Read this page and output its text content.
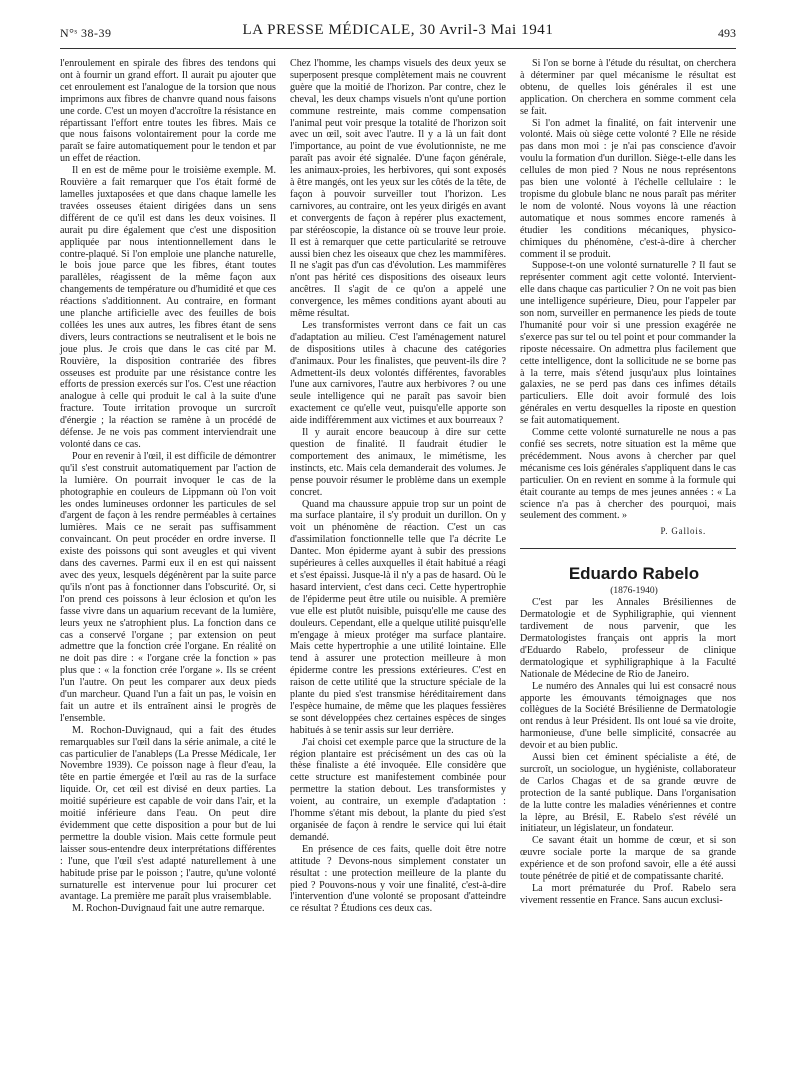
N°ˢ 38-39	LA PRESSE MÉDICALE, 30 Avril-3 Mai 1941	493

l'enroulement en spirale des fibres des tendons qui ont à fournir un grand effort. Il aurait pu ajouter que cet enroulement est l'analogue de la torsion que nous imprimons aux fibres de chanvre quand nous faisons une corde. C'est un moyen d'accroître la résistance en répartissant l'effort entre toutes les fibres. Mais ce que nous faisons volontairement pour la corde me paraît se faire automatiquement pour le tendon et par un effet de réaction.

Il en est de même pour le troisième exemple. M. Rouvière a fait remarquer que l'os était formé de lamelles juxtaposées et que dans chaque lamelle les travées osseuses étaient dirigées dans un sens différent de ce qu'il est dans les deux voisines. Il aurait pu dire également que c'est une disposition appliquée par nous intentionnellement dans le contre-plaqué. Si l'on emploie une planche naturelle, le bois joue parce que les fibres, étant toutes parallèles, réagissent de la même façon aux changements de température ou d'humidité et que ces réactions s'additionnent. Au contraire, en formant une planche artificielle avec des feuilles de bois collées les unes aux autres, les fibres étant de sens divers, leurs contractions se neutralisent et le bois ne joue plus. Je crois que dans le cas cité par M. Rouvière, la disposition contrariée des fibres osseuses est produite par une résistance contre les efforts de pression exercés sur l'os. C'est une réaction analogue à celle qui produit le cal à la suite d'une fracture. Toute irritation provoque un surcroît d'énergie ; la réaction se ramène à un procédé de défense. Je ne vois pas comment interviendrait une volonté dans ce cas.

Pour en revenir à l'œil, il est difficile de démontrer qu'il s'est construit automatiquement par l'action de la lumière. On pourrait invoquer le cas de la photographie en couleurs de Lippmann où l'on voit les ondes lumineuses ordonner les particules de sel d'argent de façon à les rendre perméables à certaines lumières. Mais ce ne serait pas suffisamment convaincant. On peut procéder en ordre inverse. Il existe des poissons qui sont aveugles et qui vivent dans des cavernes. Parmi eux il en est qui naissent avec des yeux, lesquels dégénèrent par la suite parce qu'ils n'ont pas à fonctionner dans l'obscurité. Or, si l'on prend ces poissons à leur éclosion et qu'on les fasse vivre dans un aquarium recevant de la lumière, leurs yeux ne s'atrophient plus. La fonction dans ce cas a conservé l'organe ; par extension on peut admettre que la fonction crée l'organe. En réalité on ne doit pas dire : « l'organe crée la fonction » pas plus que : « la fonction crée l'organe ». Ils se créent l'un l'autre. On peut les comparer aux deux pieds d'un marcheur. Quand l'un a fait un pas, le voisin en fait un autre et ils entraînent ainsi le progrès de l'ensemble.

M. Rochon-Duvignaud, qui a fait des études remarquables sur l'œil dans la série animale, a cité le cas particulier de l'anableps (La Presse Médicale, 1er Novembre 1939). Ce poisson nage à fleur d'eau, la tête en partie émergée et l'œil au ras de la surface liquide. Or, cet œil est divisé en deux parties. La moitié supérieure est capable de voir dans l'air, et la moitié inférieure dans l'eau. On peut dire évidemment que cette disposition a pour but de lui permettre la double vision. Mais cette formule peut laisser sous-entendre deux interprétations différentes : l'une, que l'œil s'est adapté naturellement à une habitude prise par le poisson ; l'autre, qu'une volonté surnaturelle est intervenue pour lui procurer cet avantage. La première me paraît plus vraisemblable.

M. Rochon-Duvignaud fait une autre remarque.

Chez l'homme, les champs visuels des deux yeux se superposent presque complètement mais ne couvrent guère que la moitié de l'horizon. Par contre, chez le cheval, les deux champs visuels n'ont qu'une portion commune restreinte, mais comme compensation l'animal peut voir presque la totalité de l'horizon soit avec un œil, soit avec l'autre. Il y a là un fait dont l'importance, au point de vue évolutionniste, ne me paraît pas avoir été signalée. D'une façon générale, les animaux-proies, les herbivores, qui sont exposés à être mangés, ont les yeux sur les côtés de la tête, de façon à pouvoir surveiller tout l'horizon. Les carnivores, au contraire, ont les yeux dirigés en avant et convergents de façon à repérer plus exactement, par stéréoscopie, la distance où se trouve leur proie. Il est à remarquer que cette particularité se retrouve aussi bien chez les oiseaux que chez les mammifères. Il ne s'agit pas d'un cas d'évolution. Les mammifères n'ont pas hérité ces dispositions des oiseaux leurs ancêtres. Il s'agit de ce qu'on a appelé une convergence, les mêmes conditions ayant abouti au même résultat.

Les transformistes verront dans ce fait un cas d'adaptation au milieu. C'est l'aménagement naturel de dispositions utiles à chacune des catégories d'animaux. Pour les finalistes, que peuvent-ils dire ? Admettent-ils deux volontés différentes, favorables l'une aux carnivores, l'autre aux herbivores ? ou une seule intelligence qui ne paraît pas savoir bien exactement ce qu'elle veut, puisqu'elle apporte son aide indifféremment aux victimes et aux bourreaux ?

Il y aurait encore beaucoup à dire sur cette question de finalité. Il faudrait étudier le comportement des animaux, le mimétisme, les instincts, etc. Mais cela demanderait des volumes. Je pense pouvoir résumer le problème dans un exemple concret.

Quand ma chaussure appuie trop sur un point de ma surface plantaire, il s'y produit un durillon. On y voit un phénomène de réaction. C'est un cas d'assimilation fonctionnelle telle que l'a décrite Le Dantec. Mon épiderme ayant à subir des pressions supérieures à celles auxquelles il était habitué a réagi et s'est épaissi. Jusque-là il n'y a pas de hasard. Où le hasard intervient, c'est dans ceci. Cette hypertrophie de l'épiderme peut être utile ou nuisible. A première vue elle est plutôt nuisible, puisqu'elle me cause des douleurs. Cependant, elle a quelque utilité puisqu'elle m'engage à mieux protéger ma surface plantaire. Mais cette hypertrophie a une utilité lointaine. Elle tend à assurer une protection meilleure à mon épiderme contre les pressions extérieures. C'est en raison de cette utilité que la structure spéciale de la plante du pied s'est transmise héréditairement dans l'espèce humaine, de même que les plaques fessières se sont développées chez certaines espèces de singes habitués à se tenir assis sur leur derrière.

J'ai choisi cet exemple parce que la structure de la région plantaire est précisément un des cas où la thèse finaliste a été invoquée. Elle considère que cette structure est manifestement combinée pour permettre la station debout. Les transformistes y voient, au contraire, un exemple d'adaptation : l'homme s'étant mis debout, la plante du pied s'est organisée de façon à rendre le service qui lui était demandé.

En présence de ces faits, quelle doit être notre attitude ? Devons-nous simplement constater un résultat : une protection meilleure de la plante du pied ? Pouvons-nous y voir une finalité, c'est-à-dire l'intervention d'une volonté se proposant d'atteindre ce résultat ? Étudions ces deux cas.

Si l'on se borne à l'étude du résultat, on cherchera à déterminer par quel mécanisme le résultat est obtenu, de quelles lois générales il est une application. On cherchera en somme comment cela se fait.

Si l'on admet la finalité, on fait intervenir une volonté. Mais où siège cette volonté ? Elle ne réside pas dans mon moi : je n'ai pas conscience d'avoir voulu la formation d'un durillon. Siège-t-elle dans les cellules de mon pied ? Nous ne nous représentons pas bien une volonté à l'échelle cellulaire : le tropisme du globule blanc ne nous paraît pas mériter le nom de volonté. Nous voyons là une réaction automatique et nous sommes encore ramenés à étudier les conditions mécaniques, physico-chimiques du phénomène, c'est-à-dire à chercher comment il se produit.

Suppose-t-on une volonté surnaturelle ? Il faut se représenter comment agit cette volonté. Intervient-elle dans chaque cas particulier ? On ne voit pas bien une intelligence supérieure, Dieu, pour l'appeler par son nom, surveiller en permanence les pieds de toute l'humanité pour voir si une pression exagérée ne s'exerce pas sur tel ou tel point et pour commander la riposte nécessaire. On admettra plus facilement que cette intelligence, dont la sollicitude ne se borne pas à la terre, mais s'étend jusqu'aux plus lointaines galaxies, ne se perd pas dans ces infimes détails particuliers. Elle doit avoir formulé des lois générales en vertu desquelles la riposte en question se fait automatiquement.

Comme cette volonté surnaturelle ne nous a pas confié ses secrets, notre situation est la même que précédemment. Nous avons à chercher par quel mécanisme ces lois générales s'appliquent dans le cas particulier. On en revient en somme à la formule qui était courante au temps de mes jeunes années : « La science n'a pas à chercher des pourquoi, mais seulement des comment. »

P. Gallois.

Eduardo Rabelo

(1876-1940)

C'est par les Annales Brésiliennes de Dermatologie et de Syphiligraphie, qui viennent tardivement de nous parvenir, que les Dermatologistes français ont appris la mort d'Eduardo Rabelo, professeur de clinique dermatologique et syphiligraphique à la Faculté Nationale de Médecine de Rio de Janeiro.

Le numéro des Annales qui lui est consacré nous apporte les émouvants témoignages que nos collègues de la Société Brésilienne de Dermatologie ont rendus à leur Président. Ils ont loué sa vie droite, harmonieuse, d'une belle simplicité, consacrée au devoir et au bien public.

Aussi bien cet éminent spécialiste a été, de surcroît, un sociologue, un hygiéniste, collaborateur de Carlos Chagas et de sa grande œuvre de protection de la santé publique. Dans l'organisation de la lutte contre les maladies vénériennes et contre la lèpre, au Brésil, E. Rabelo s'est révélé un initiateur, un législateur, un fondateur.

Ce savant était un homme de cœur, et si son œuvre sociale porte la marque de sa grande expérience et de son profond savoir, elle a été aussi toute pénétrée de pitié et de compatissante charité.

La mort prématurée du Prof. Rabelo sera vivement ressentie en France. Sans aucun exclusi-
